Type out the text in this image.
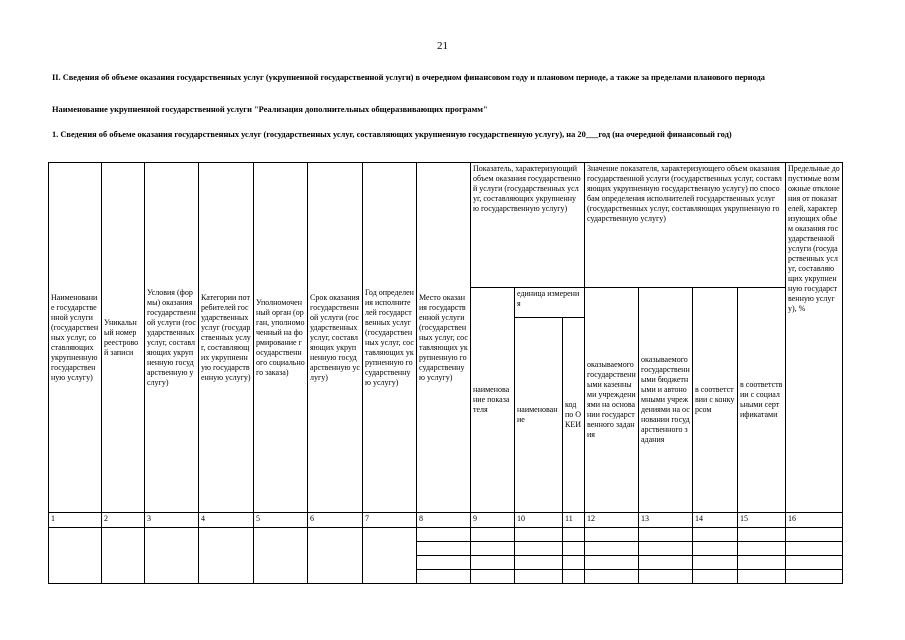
21
II. Сведения об объеме оказания государственных услуг (укрупненной государственной услуги) в очередном финансовом году и плановом периоде, а также за пределами планового периода
Наименование укрупненной государственной услуги "Реализация дополнительных общеразвивающих программ"
1. Сведения об объеме оказания государственных услуг (государственных услуг, составляющих укрупненную государственную услугу), на 20___год (на очередной финансовый год)
Наименование государственной услуги (государственных услуг, составляющих укрупненную государственную услугу)	Уникальный номер реестровой записи	Условия (формы) оказания государственной услуги (государственных услуг, составляющих укрупненную государственную услугу)	Категории потребителей государственных услуг (государственных услуг, составляющих укрупненную государственную услугу)	Уполномоченный орган (орган, уполномоченный на формирование государственного социального заказа)	Срок оказания государственной услуги (государственных услуг, составляющих укрупненную государственную услугу)	Год определения исполнителей государственных услуг (государственных услуг, составляющих укрупненную государственную услугу)	Место оказания государственной услуги (государственных услуг, составляющих укрупненную государственную услугу)	Показатель, характеризующий объем оказания государственной услуги (государственных услуг, составляющих укрупненную государственную услугу)			Значение показателя, характеризующего объем оказания государственной услуги (государственных услуг, составляющих укрупненную государственную услугу) по способам определения исполнителей государственных услуг (государственных услуг, составляющих укрупненную государственную услугу)				Предельные допустимые возможные отклонения от показателей, характеризующих объем оказания государственной услуги (государственных услуг, составляющих укрупненную государственную услугу), %
								наименование показателя	единица измерения		оказываемого государственными казенными учреждениями на основании государственного задания	оказываемого государственными бюджетными и автономными учреждениями на основании государственного задания	в соответствии с конкурсом	в соответствии с социальными сертификатами	
									наименование	код по ОКЕИ					
1	2	3	4	5	6	7	8	9	10	11	12	13	14	15	16
